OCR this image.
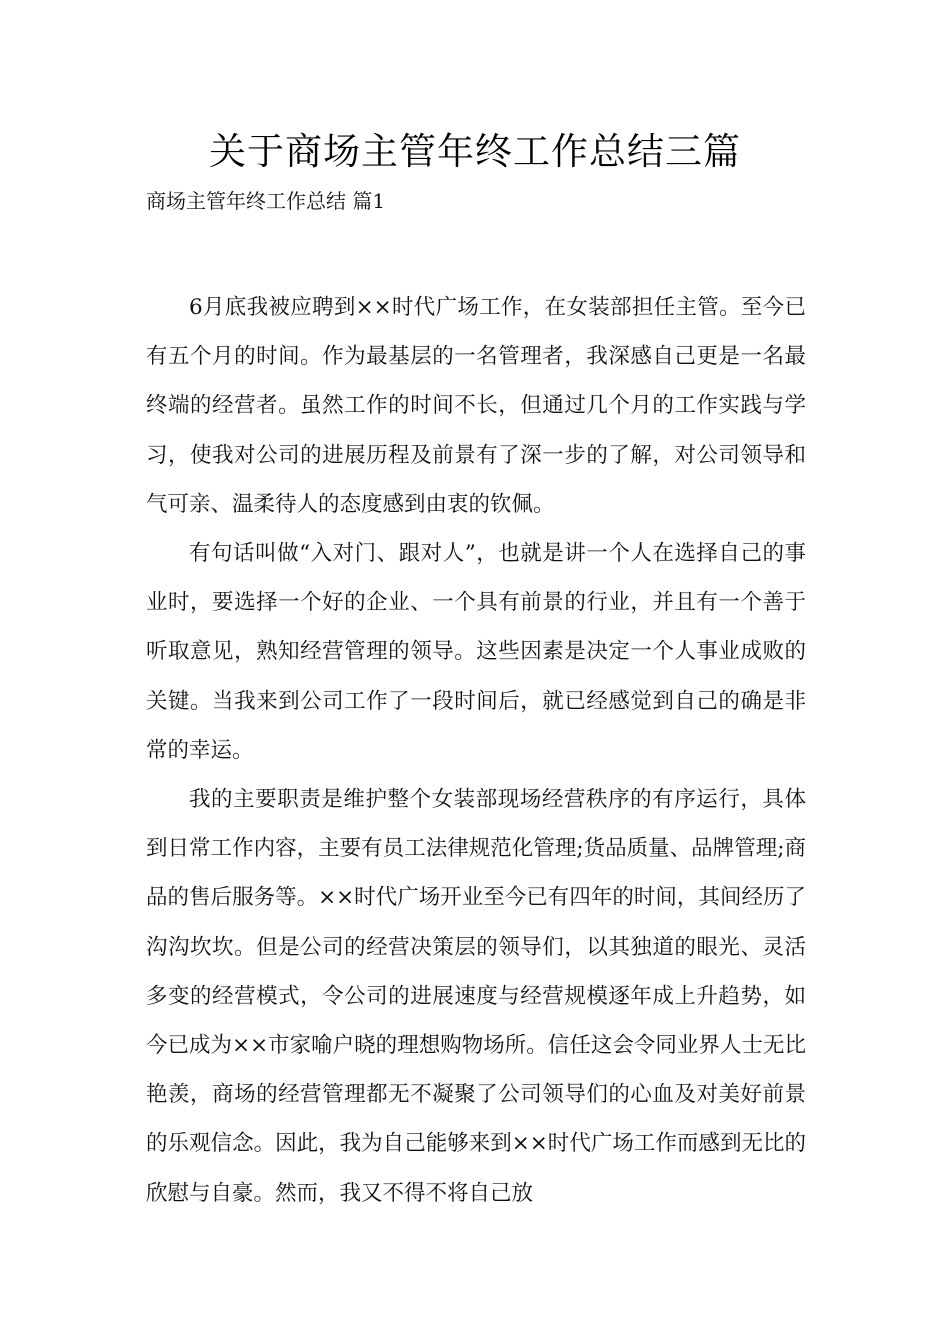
关于商场主管年终工作总结三篇
商场主管年终工作总结 篇1

6月底我被应聘到××时代广场工作，在女装部担任主管。至今已有五个月的时间。作为最基层的一名管理者，我深感自己更是一名最终端的经营者。虽然工作的时间不长，但通过几个月的工作实践与学习，使我对公司的进展历程及前景有了深一步的了解，对公司领导和气可亲、温柔待人的态度感到由衷的钦佩。

有句话叫做“入对门、跟对人”，也就是讲一个人在选择自己的事业时，要选择一个好的企业、一个具有前景的行业，并且有一个善于听取意见，熟知经营管理的领导。这些因素是决定一个人事业成败的关键。当我来到公司工作了一段时间后，就已经感觉到自己的确是非常的幸运。

我的主要职责是维护整个女装部现场经营秩序的有序运行，具体到日常工作内容，主要有员工法律规范化管理;货品质量、品牌管理;商品的售后服务等。××时代广场开业至今已有四年的时间，其间经历了沟沟坎坎。但是公司的经营决策层的领导们，以其独道的眼光、灵活多变的经营模式，令公司的进展速度与经营规模逐年成上升趋势，如今已成为××市家喻户晓的理想购物场所。信任这会令同业界人士无比艳羡，商场的经营管理都无不凝聚了公司领导们的心血及对美好前景的乐观信念。因此，我为自己能够来到××时代广场工作而感到无比的欣慰与自豪。然而，我又不得不将自己放
